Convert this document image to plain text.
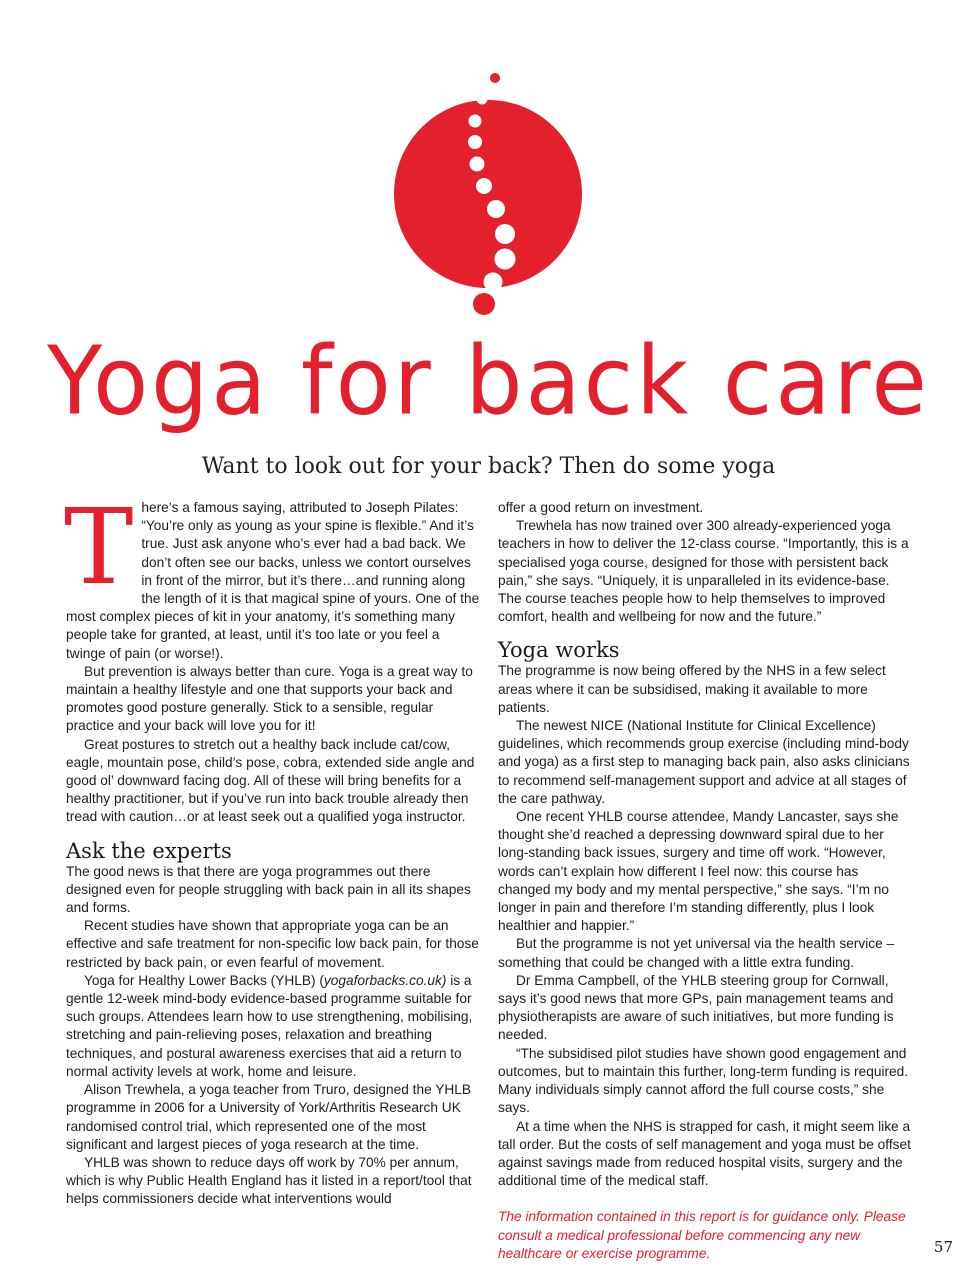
Yoga for back care
Want to look out for your back? Then do some yoga
T here’s a famous saying, attributed to Joseph Pilates: “You’re only as young as your spine is flexible.” And it’s true. Just ask anyone who’s ever had a bad back. We don’t often see our backs, unless we contort ourselves in front of the mirror, but it’s there…and running along the length of it is that magical spine of yours. One of the most complex pieces of kit in your anatomy, it’s something many people take for granted, at least, until it’s too late or you feel a twinge of pain (or worse!).

But prevention is always better than cure. Yoga is a great way to maintain a healthy lifestyle and one that supports your back and promotes good posture generally. Stick to a sensible, regular practice and your back will love you for it!

Great postures to stretch out a healthy back include cat/cow, eagle, mountain pose, child’s pose, cobra, extended side angle and good ol’ downward facing dog. All of these will bring benefits for a healthy practitioner, but if you’ve run into back trouble already then tread with caution…or at least seek out a qualified yoga instructor.

Ask the experts

The good news is that there are yoga programmes out there designed even for people struggling with back pain in all its shapes and forms.

Recent studies have shown that appropriate yoga can be an effective and safe treatment for non-specific low back pain, for those restricted by back pain, or even fearful of movement.

Yoga for Healthy Lower Backs (YHLB) (yogaforbacks.co.uk) is a gentle 12-week mind-body evidence-based programme suitable for such groups. Attendees learn how to use strengthening, mobilising, stretching and pain-relieving poses, relaxation and breathing techniques, and postural awareness exercises that aid a return to normal activity levels at work, home and leisure.

Alison Trewhela, a yoga teacher from Truro, designed the YHLB programme in 2006 for a University of York/Arthritis Research UK randomised control trial, which represented one of the most significant and largest pieces of yoga research at the time.

YHLB was shown to reduce days off work by 70% per annum, which is why Public Health England has it listed in a report/tool that helps commissioners decide what interventions would

offer a good return on investment.

Trewhela has now trained over 300 already-experienced yoga teachers in how to deliver the 12-class course. “Importantly, this is a specialised yoga course, designed for those with persistent back pain,” she says. “Uniquely, it is unparalleled in its evidence-base. The course teaches people how to help themselves to improved comfort, health and wellbeing for now and the future.”

Yoga works

The programme is now being offered by the NHS in a few select areas where it can be subsidised, making it available to more patients.

The newest NICE (National Institute for Clinical Excellence) guidelines, which recommends group exercise (including mind-body and yoga) as a first step to managing back pain, also asks clinicians to recommend self-management support and advice at all stages of the care pathway.

One recent YHLB course attendee, Mandy Lancaster, says she thought she’d reached a depressing downward spiral due to her long-standing back issues, surgery and time off work. “However, words can’t explain how different I feel now: this course has changed my body and my mental perspective,” she says. “I’m no longer in pain and therefore I’m standing differently, plus I look healthier and happier.”

But the programme is not yet universal via the health service – something that could be changed with a little extra funding.

Dr Emma Campbell, of the YHLB steering group for Cornwall, says it’s good news that more GPs, pain management teams and physiotherapists are aware of such initiatives, but more funding is needed.

“The subsidised pilot studies have shown good engagement and outcomes, but to maintain this further, long-term funding is required. Many individuals simply cannot afford the full course costs,” she says.

At a time when the NHS is strapped for cash, it might seem like a tall order. But the costs of self management and yoga must be offset against savings made from reduced hospital visits, surgery and the additional time of the medical staff.

The information contained in this report is for guidance only. Please consult a medical professional before commencing any new healthcare or exercise programme.	57
